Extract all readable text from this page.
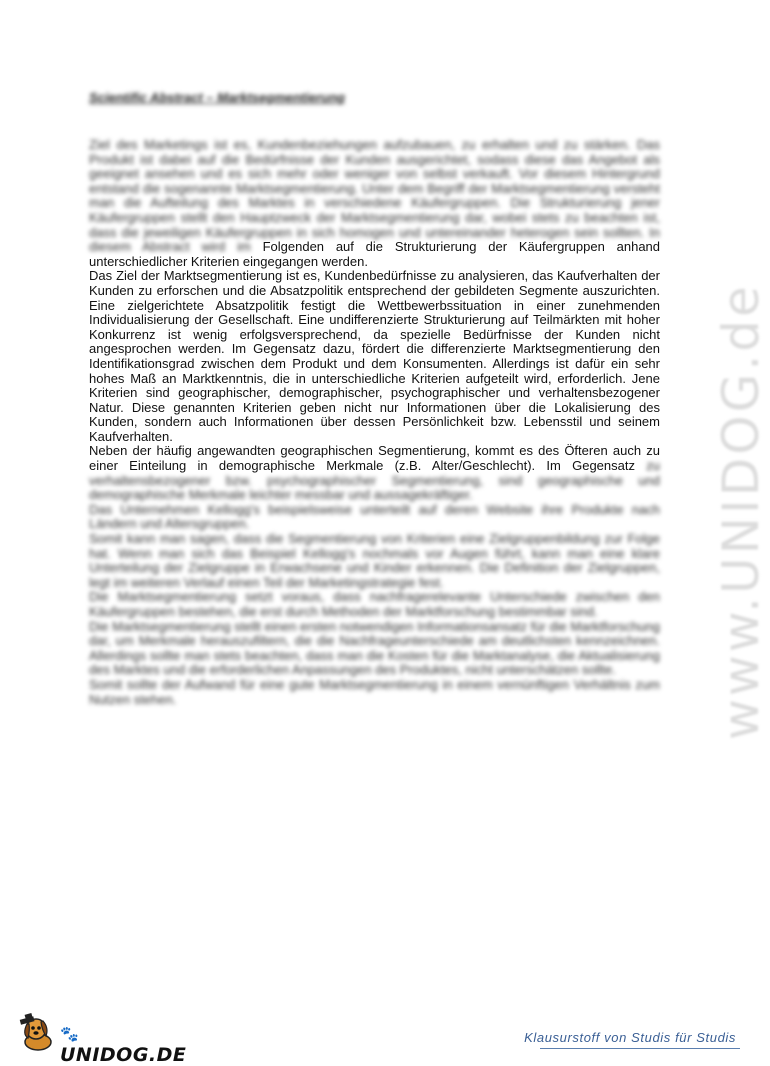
Scientific Abstract – Marktsegmentierung

Ziel des Marketings ist es, Kundenbeziehungen aufzubauen, zu erhalten und zu stärken. Das Produkt ist dabei auf die Bedürfnisse der Kunden ausgerichtet, sodass diese das Angebot als geeignet ansehen und es sich mehr oder weniger von selbst verkauft. Vor diesem Hintergrund entstand die sogenannte Marktsegmentierung. Unter dem Begriff der Marktsegmentierung versteht man die Aufteilung des Marktes in verschiedene Käufergruppen. Die Strukturierung jener Käufergruppen stellt den Hauptzweck der Marktsegmentierung dar, wobei stets zu beachten ist, dass die jeweiligen Käufergruppen in sich homogen und untereinander heterogen sein sollten. In diesem Abstract wird im Folgenden auf die Strukturierung der Käufergruppen anhand unterschiedlicher Kriterien eingegangen werden.

Das Ziel der Marktsegmentierung ist es, Kundenbedürfnisse zu analysieren, das Kaufverhalten der Kunden zu erforschen und die Absatzpolitik entsprechend der gebildeten Segmente auszurichten. Eine zielgerichtete Absatzpolitik festigt die Wettbewerbssituation in einer zunehmenden Individualisierung der Gesellschaft. Eine undifferenzierte Strukturierung auf Teilmärkten mit hoher Konkurrenz ist wenig erfolgsversprechend, da spezielle Bedürfnisse der Kunden nicht angesprochen werden. Im Gegensatz dazu, fördert die differenzierte Marktsegmentierung den Identifikationsgrad zwischen dem Produkt und dem Konsumenten. Allerdings ist dafür ein sehr hohes Maß an Marktkenntnis, die in unterschiedliche Kriterien aufgeteilt wird, erforderlich. Jene Kriterien sind geographischer, demographischer, psychographischer und verhaltensbezogener Natur. Diese genannten Kriterien geben nicht nur Informationen über die Lokalisierung des Kunden, sondern auch Informationen über dessen Persönlichkeit bzw. Lebensstil und seinem Kaufverhalten.

Neben der häufig angewandten geographischen Segmentierung, kommt es des Öfteren auch zu einer Einteilung in demographische Merkmale (z.B. Alter/Geschlecht). Im Gegensatz zu verhaltensbezogener bzw. psychographischer Segmentierung, sind geographische und demographische Merkmale leichter messbar und aussagekräftiger.

Das Unternehmen Kellogg's beispielsweise unterteilt auf deren Website ihre Produkte nach Ländern und Altersgruppen.

Somit kann man sagen, dass die Segmentierung von Kriterien eine Zielgruppenbildung zur Folge hat. Wenn man sich das Beispiel Kellogg's nochmals vor Augen führt, kann man eine klare Unterteilung der Zielgruppe in Erwachsene und Kinder erkennen. Die Definition der Zielgruppen, legt im weiteren Verlauf einen Teil der Marketingstrategie fest.

Die Marktsegmentierung setzt voraus, dass nachfragerelevante Unterschiede zwischen den Käufergruppen bestehen, die erst durch Methoden der Marktforschung bestimmbar sind.

Die Marktsegmentierung stellt einen ersten notwendigen Informationsansatz für die Marktforschung dar, um Merkmale herauszufiltern, die die Nachfrageunterschiede am deutlichsten kennzeichnen. Allerdings sollte man stets beachten, dass man die Kosten für die Marktanalyse, die Aktualisierung des Marktes und die erforderlichen Anpassungen des Produktes, nicht unterschätzen sollte.

Somit sollte der Aufwand für eine gute Marktsegmentierung in einem vernünftigen Verhältnis zum Nutzen stehen.	www.UNIDOG.de
🐾UNIDOG.DE
Klausurstoff von Studis für Studis
